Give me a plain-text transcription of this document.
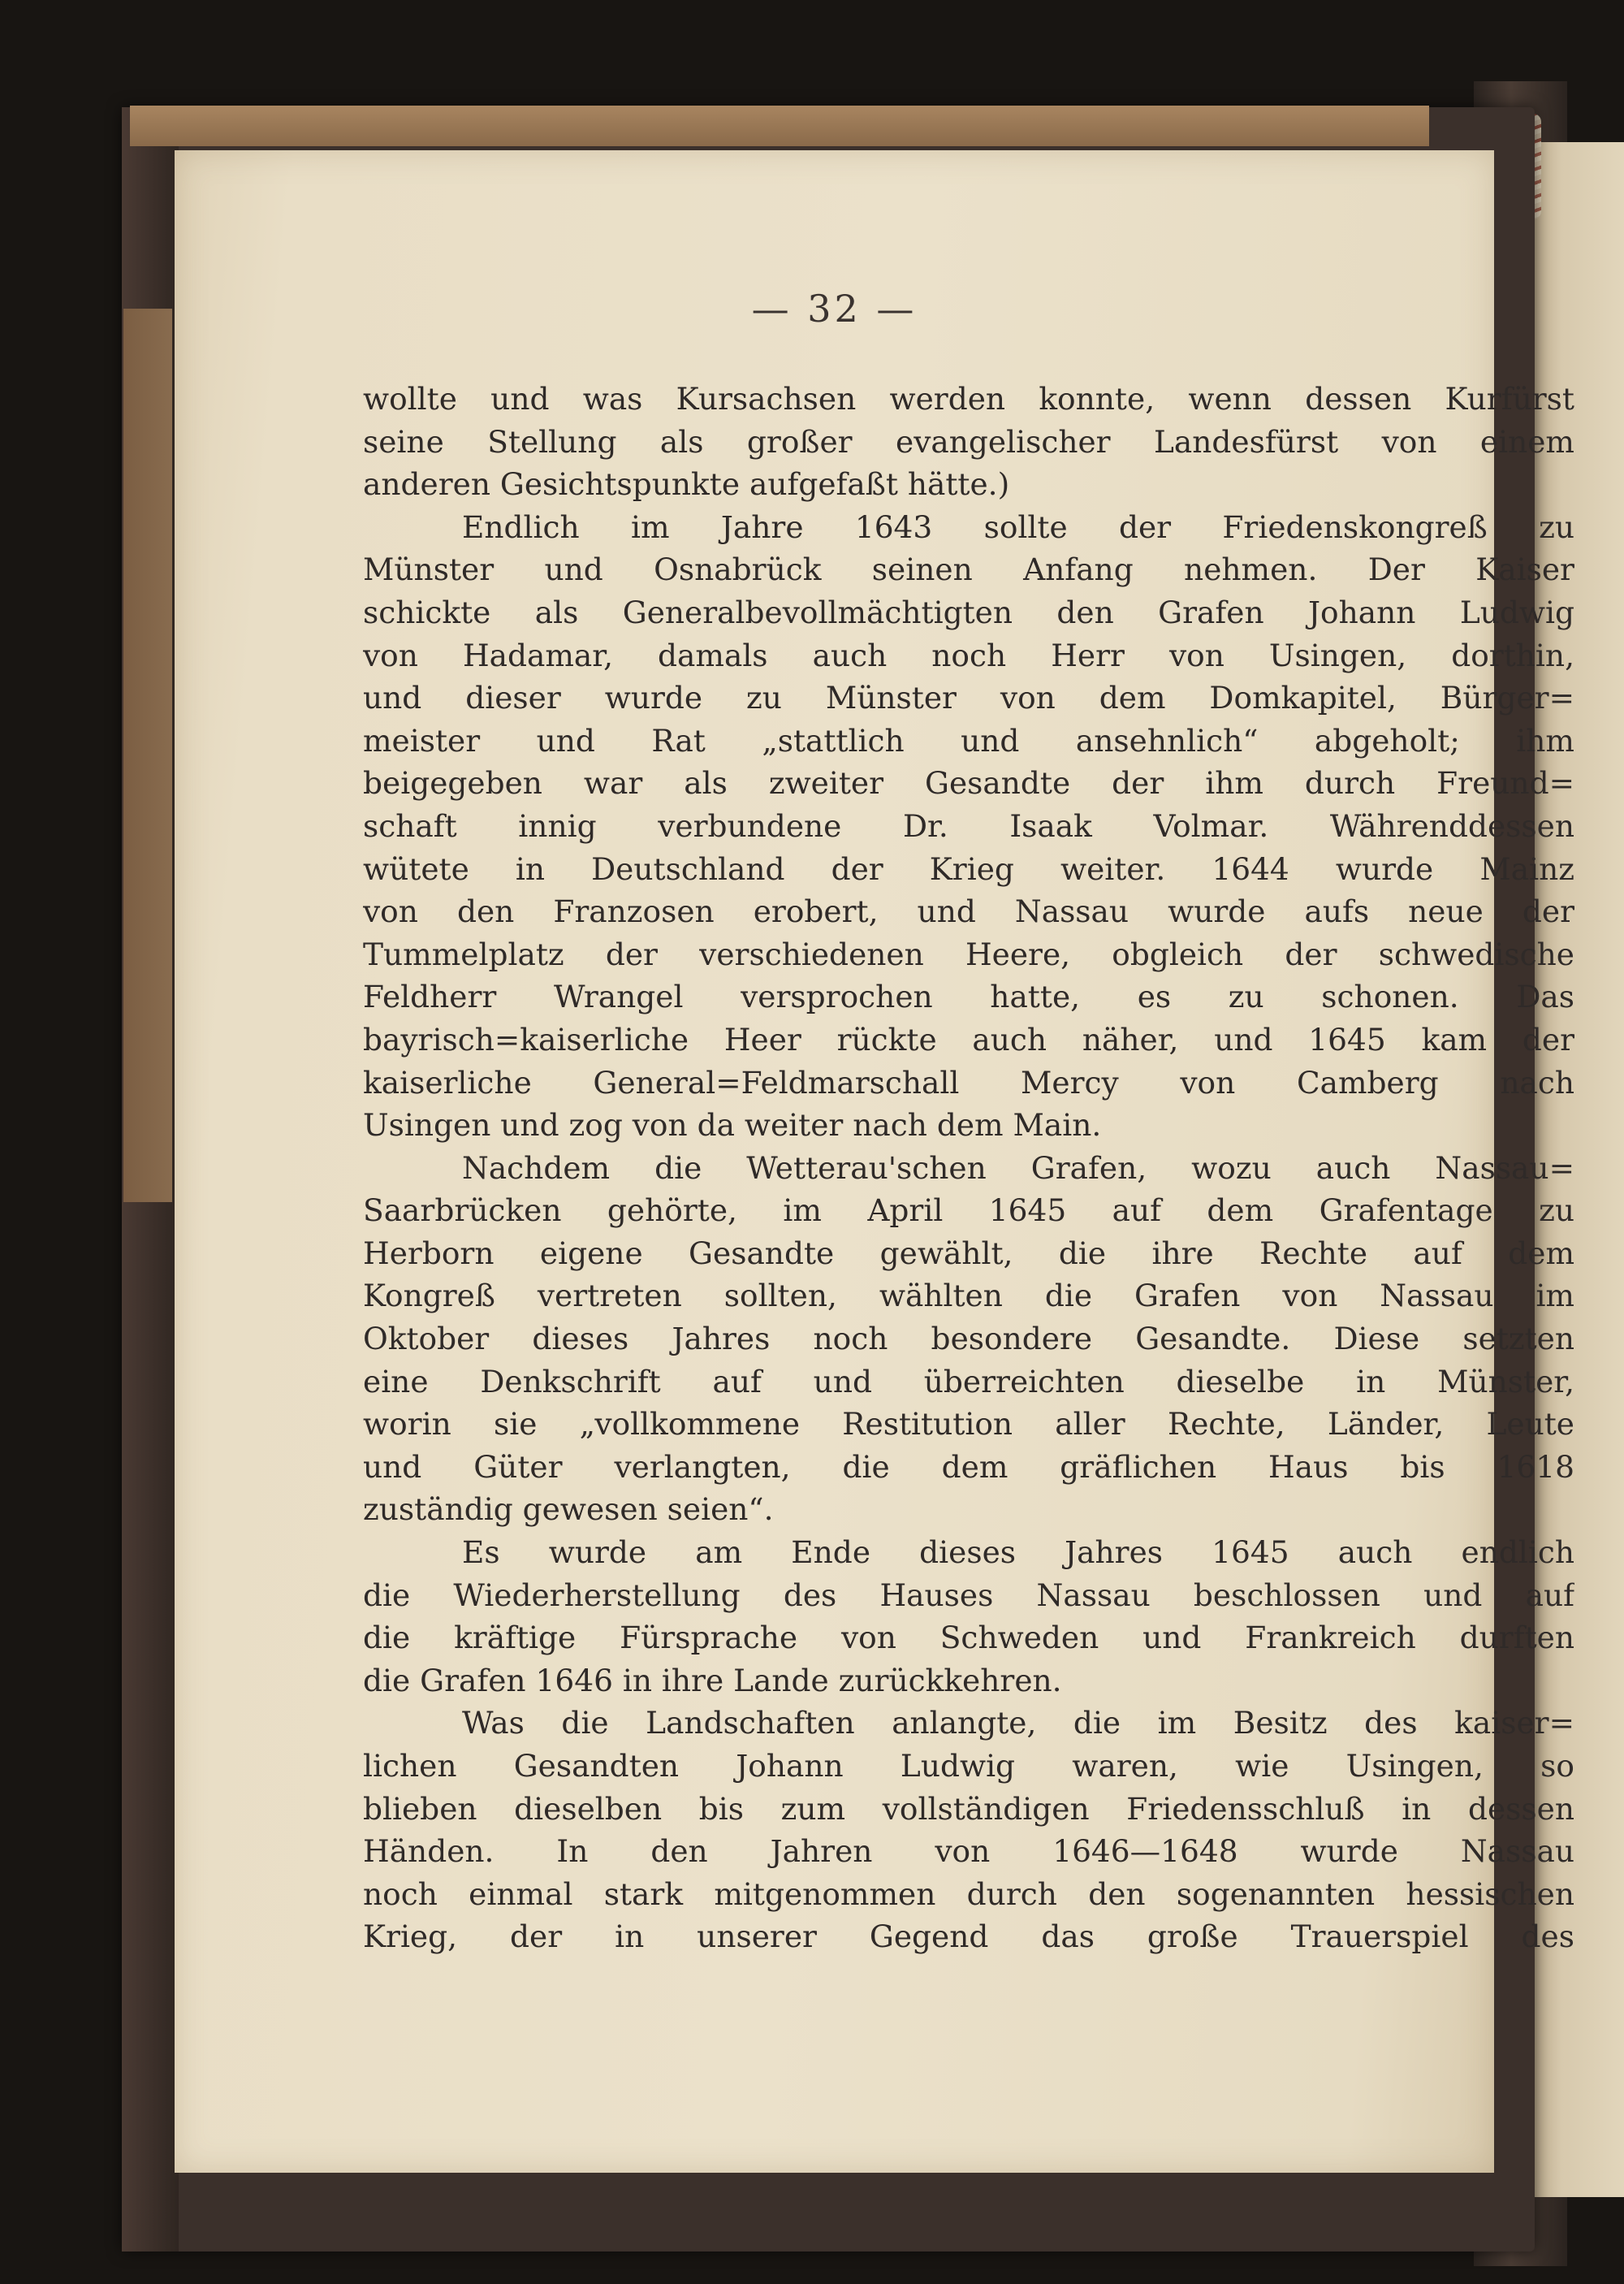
— 32 —
wollte und was Kursachsen werden konnte, wenn dessen Kurfürst
seine Stellung als großer evangelischer Landesfürst von einem
anderen Gesichtspunkte aufgefaßt hätte.)
Endlich im Jahre 1643 sollte der Friedenskongreß zu
Münster und Osnabrück seinen Anfang nehmen. Der Kaiser
schickte als Generalbevollmächtigten den Grafen Johann Ludwig
von Hadamar, damals auch noch Herr von Usingen, dorthin,
und dieser wurde zu Münster von dem Domkapitel, Bürger=
meister und Rat „stattlich und ansehnlich“ abgeholt; ihm
beigegeben war als zweiter Gesandte der ihm durch Freund=
schaft innig verbundene Dr. Isaak Volmar. Währenddessen
wütete in Deutschland der Krieg weiter. 1644 wurde Mainz
von den Franzosen erobert, und Nassau wurde aufs neue der
Tummelplatz der verschiedenen Heere, obgleich der schwedische
Feldherr Wrangel versprochen hatte, es zu schonen. Das
bayrisch=kaiserliche Heer rückte auch näher, und 1645 kam der
kaiserliche General=Feldmarschall Mercy von Camberg nach
Usingen und zog von da weiter nach dem Main.
Nachdem die Wetterau'schen Grafen, wozu auch Nassau=
Saarbrücken gehörte, im April 1645 auf dem Grafentage zu
Herborn eigene Gesandte gewählt, die ihre Rechte auf dem
Kongreß vertreten sollten, wählten die Grafen von Nassau im
Oktober dieses Jahres noch besondere Gesandte. Diese setzten
eine Denkschrift auf und überreichten dieselbe in Münster,
worin sie „vollkommene Restitution aller Rechte, Länder, Leute
und Güter verlangten, die dem gräflichen Haus bis 1618
zuständig gewesen seien“.
Es wurde am Ende dieses Jahres 1645 auch endlich
die Wiederherstellung des Hauses Nassau beschlossen und auf
die kräftige Fürsprache von Schweden und Frankreich durften
die Grafen 1646 in ihre Lande zurückkehren.
Was die Landschaften anlangte, die im Besitz des kaiser=
lichen Gesandten Johann Ludwig waren, wie Usingen, so
blieben dieselben bis zum vollständigen Friedensschluß in dessen
Händen. In den Jahren von 1646—1648 wurde Nassau
noch einmal stark mitgenommen durch den sogenannten hessischen
Krieg, der in unserer Gegend das große Trauerspiel des
